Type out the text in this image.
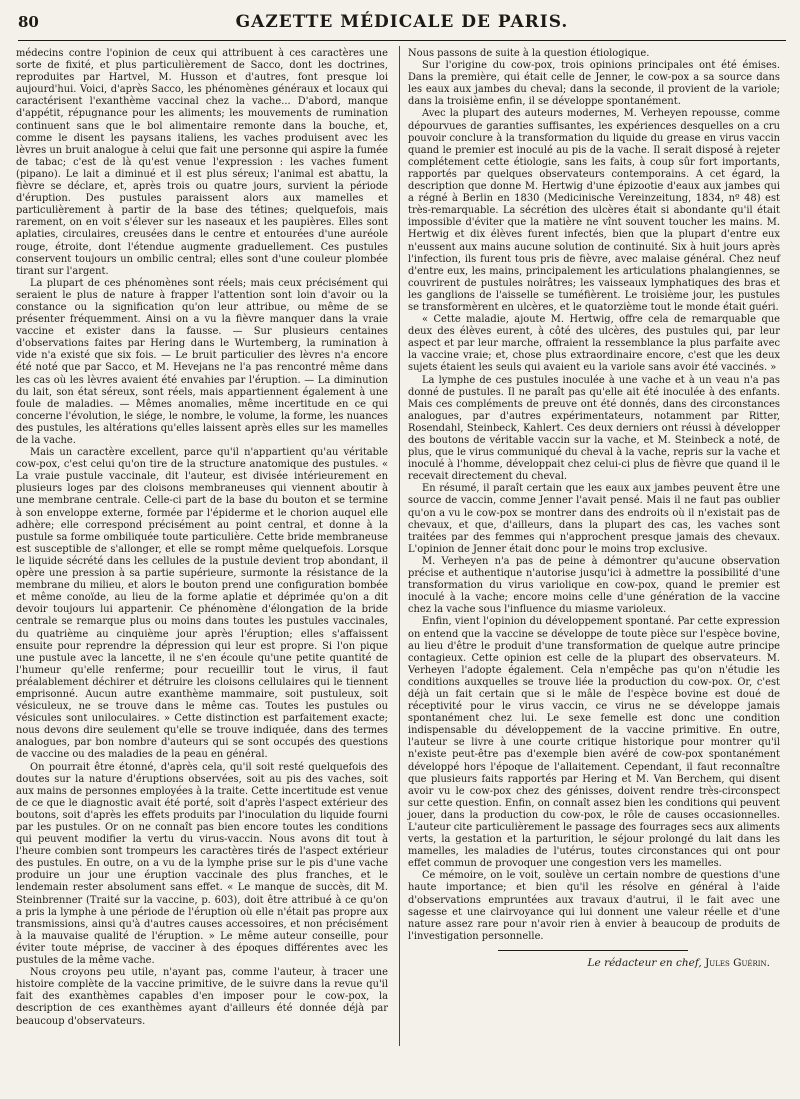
80	GAZETTE MÉDICALE DE PARIS.

médecins contre l'opinion de ceux qui attribuent à ces caractères une sorte de fixité, et plus particulièrement de Sacco, dont les doctrines, reproduites par Hartvel, M. Husson et d'autres, font presque loi aujourd'hui. Voici, d'après Sacco, les phénomènes généraux et locaux qui caractérisent l'exanthème vaccinal chez la vache... D'abord, manque d'appétit, répugnance pour les aliments; les mouvements de rumination continuent sans que le bol alimentaire remonte dans la bouche, et, comme le disent les paysans italiens, les vaches produisent avec les lèvres un bruit analogue à celui que fait une personne qui aspire la fumée de tabac; c'est de là qu'est venue l'expression : les vaches fument (pipano). Le lait a diminué et il est plus séreux; l'animal est abattu, la fièvre se déclare, et, après trois ou quatre jours, survient la période d'éruption. Des pustules paraissent alors aux mamelles et particulièrement à partir de la base des tétines; quelquefois, mais rarement, on en voit s'élever sur les naseaux et les paupières. Elles sont aplaties, circulaires, creusées dans le centre et entourées d'une auréole rouge, étroite, dont l'étendue augmente graduellement. Ces pustules conservent toujours un ombilic central; elles sont d'une couleur plombée tirant sur l'argent.

La plupart de ces phénomènes sont réels; mais ceux précisément qui seraient le plus de nature à frapper l'attention sont loin d'avoir ou la constance ou la signification qu'on leur attribue, ou même de se présenter fréquemment. Ainsi on a vu la fièvre manquer dans la vraie vaccine et exister dans la fausse. — Sur plusieurs centaines d'observations faites par Hering dans le Wurtemberg, la rumination à vide n'a existé que six fois. — Le bruit particulier des lèvres n'a encore été noté que par Sacco, et M. Hevejans ne l'a pas rencontré même dans les cas où les lèvres avaient été envahies par l'éruption. — La diminution du lait, son état séreux, sont réels, mais appartiennent également à une foule de maladies. — Mêmes anomalies, même incertitude en ce qui concerne l'évolution, le siége, le nombre, le volume, la forme, les nuances des pustules, les altérations qu'elles laissent après elles sur les mamelles de la vache.

Mais un caractère excellent, parce qu'il n'appartient qu'au véritable cow-pox, c'est celui qu'on tire de la structure anatomique des pustules. « La vraie pustule vaccinale, dit l'auteur, est divisée intérieurement en plusieurs loges par des cloisons membraneuses qui viennent aboutir à une membrane centrale. Celle-ci part de la base du bouton et se termine à son enveloppe externe, formée par l'épiderme et le chorion auquel elle adhère; elle correspond précisément au point central, et donne à la pustule sa forme ombiliquée toute particulière. Cette bride membraneuse est susceptible de s'allonger, et elle se rompt même quelquefois. Lorsque le liquide sécrété dans les cellules de la pustule devient trop abondant, il opère une pression à sa partie supérieure, surmonte la résistance de la membrane du milieu, et alors le bouton prend une configuration bombée et même conoïde, au lieu de la forme aplatie et déprimée qu'on a dit devoir toujours lui appartenir. Ce phénomène d'élongation de la bride centrale se remarque plus ou moins dans toutes les pustules vaccinales, du quatrième au cinquième jour après l'éruption; elles s'affaissent ensuite pour reprendre la dépression qui leur est propre. Si l'on pique une pustule avec la lancette, il ne s'en écoule qu'une petite quantité de l'humeur qu'elle renferme; pour recueillir tout le virus, il faut préalablement déchirer et détruire les cloisons cellulaires qui le tiennent emprisonné. Aucun autre exanthème mammaire, soit pustuleux, soit vésiculeux, ne se trouve dans le même cas. Toutes les pustules ou vésicules sont uniloculaires. » Cette distinction est parfaitement exacte; nous devons dire seulement qu'elle se trouve indiquée, dans des termes analogues, par bon nombre d'auteurs qui se sont occupés des questions de vaccine ou des maladies de la peau en général.

On pourrait être étonné, d'après cela, qu'il soit resté quelquefois des doutes sur la nature d'éruptions observées, soit au pis des vaches, soit aux mains de personnes employées à la traite. Cette incertitude est venue de ce que le diagnostic avait été porté, soit d'après l'aspect extérieur des boutons, soit d'après les effets produits par l'inoculation du liquide fourni par les pustules. Or on ne connaît pas bien encore toutes les conditions qui peuvent modifier la vertu du virus-vaccin. Nous avons dit tout à l'heure combien sont trompeurs les caractères tirés de l'aspect extérieur des pustules. En outre, on a vu de la lymphe prise sur le pis d'une vache produire un jour une éruption vaccinale des plus franches, et le lendemain rester absolument sans effet. « Le manque de succès, dit M. Steinbrenner (Traité sur la vaccine, p. 603), doit être attribué à ce qu'on a pris la lymphe à une période de l'éruption où elle n'était pas propre aux transmissions, ainsi qu'à d'autres causes accessoires, et non précisément à la mauvaise qualité de l'éruption. » Le même auteur conseille, pour éviter toute méprise, de vacciner à des époques différentes avec les pustules de la même vache.

Nous croyons peu utile, n'ayant pas, comme l'auteur, à tracer une histoire complète de la vaccine primitive, de le suivre dans la revue qu'il fait des exanthèmes capables d'en imposer pour le cow-pox, la description de ces exanthèmes ayant d'ailleurs été donnée déjà par beaucoup d'observateurs.

Nous passons de suite à la question étiologique.

Sur l'origine du cow-pox, trois opinions principales ont été émises. Dans la première, qui était celle de Jenner, le cow-pox a sa source dans les eaux aux jambes du cheval; dans la seconde, il provient de la variole; dans la troisième enfin, il se développe spontanément.

Avec la plupart des auteurs modernes, M. Verheyen repousse, comme dépourvues de garanties suffisantes, les expériences desquelles on a cru pouvoir conclure à la transformation du liquide du grease en virus vaccin quand le premier est inoculé au pis de la vache. Il serait disposé à rejeter complétement cette étiologie, sans les faits, à coup sûr fort importants, rapportés par quelques observateurs contemporains. A cet égard, la description que donne M. Hertwig d'une épizootie d'eaux aux jambes qui a régné à Berlin en 1830 (Medicinische Vereinzeitung, 1834, nº 48) est très-remarquable. La sécrétion des ulcères était si abondante qu'il était impossible d'éviter que la matière ne vînt souvent toucher les mains. M. Hertwig et dix élèves furent infectés, bien que la plupart d'entre eux n'eussent aux mains aucune solution de continuité. Six à huit jours après l'infection, ils furent tous pris de fièvre, avec malaise général. Chez neuf d'entre eux, les mains, principalement les articulations phalangiennes, se couvrirent de pustules noirâtres; les vaisseaux lymphatiques des bras et les ganglions de l'aisselle se tuméfièrent. Le troisième jour, les pustules se transformèrent en ulcères, et le quatorzième tout le monde était guéri.

« Cette maladie, ajoute M. Hertwig, offre cela de remarquable que deux des élèves eurent, à côté des ulcères, des pustules qui, par leur aspect et par leur marche, offraient la ressemblance la plus parfaite avec la vaccine vraie; et, chose plus extraordinaire encore, c'est que les deux sujets étaient les seuls qui avaient eu la variole sans avoir été vaccinés. »

La lymphe de ces pustules inoculée à une vache et à un veau n'a pas donné de pustules. Il ne paraît pas qu'elle ait été inoculée à des enfants. Mais ces compléments de preuve ont été donnés, dans des circonstances analogues, par d'autres expérimentateurs, notamment par Ritter, Rosendahl, Steinbeck, Kahlert. Ces deux derniers ont réussi à développer des boutons de véritable vaccin sur la vache, et M. Steinbeck a noté, de plus, que le virus communiqué du cheval à la vache, repris sur la vache et inoculé à l'homme, développait chez celui-ci plus de fièvre que quand il le recevait directement du cheval.

En résumé, il paraît certain que les eaux aux jambes peuvent être une source de vaccin, comme Jenner l'avait pensé. Mais il ne faut pas oublier qu'on a vu le cow-pox se montrer dans des endroits où il n'existait pas de chevaux, et que, d'ailleurs, dans la plupart des cas, les vaches sont traitées par des femmes qui n'approchent presque jamais des chevaux. L'opinion de Jenner était donc pour le moins trop exclusive.

M. Verheyen n'a pas de peine à démontrer qu'aucune observation précise et authentique n'autorise jusqu'ici à admettre la possibilité d'une transformation du virus variolique en cow-pox, quand le premier est inoculé à la vache; encore moins celle d'une génération de la vaccine chez la vache sous l'influence du miasme varioleux.

Enfin, vient l'opinion du développement spontané. Par cette expression on entend que la vaccine se développe de toute pièce sur l'espèce bovine, au lieu d'être le produit d'une transformation de quelque autre principe contagieux. Cette opinion est celle de la plupart des observateurs. M. Verheyen l'adopte également. Cela n'empêche pas qu'on n'étudie les conditions auxquelles se trouve liée la production du cow-pox. Or, c'est déjà un fait certain que si le mâle de l'espèce bovine est doué de réceptivité pour le virus vaccin, ce virus ne se développe jamais spontanément chez lui. Le sexe femelle est donc une condition indispensable du développement de la vaccine primitive. En outre, l'auteur se livre à une courte critique historique pour montrer qu'il n'existe peut-être pas d'exemple bien avéré de cow-pox spontanément développé hors l'époque de l'allaitement. Cependant, il faut reconnaître que plusieurs faits rapportés par Hering et M. Van Berchem, qui disent avoir vu le cow-pox chez des génisses, doivent rendre très-circonspect sur cette question. Enfin, on connaît assez bien les conditions qui peuvent jouer, dans la production du cow-pox, le rôle de causes occasionnelles. L'auteur cite particulièrement le passage des fourrages secs aux aliments verts, la gestation et la parturition, le séjour prolongé du lait dans les mamelles, les maladies de l'utérus, toutes circonstances qui ont pour effet commun de provoquer une congestion vers les mamelles.

Ce mémoire, on le voit, soulève un certain nombre de questions d'une haute importance; et bien qu'il les résolve en général à l'aide d'observations empruntées aux travaux d'autrui, il le fait avec une sagesse et une clairvoyance qui lui donnent une valeur réelle et d'une nature assez rare pour n'avoir rien à envier à beaucoup de produits de l'investigation personnelle.

Le rédacteur en chef, Jules Guérin.
